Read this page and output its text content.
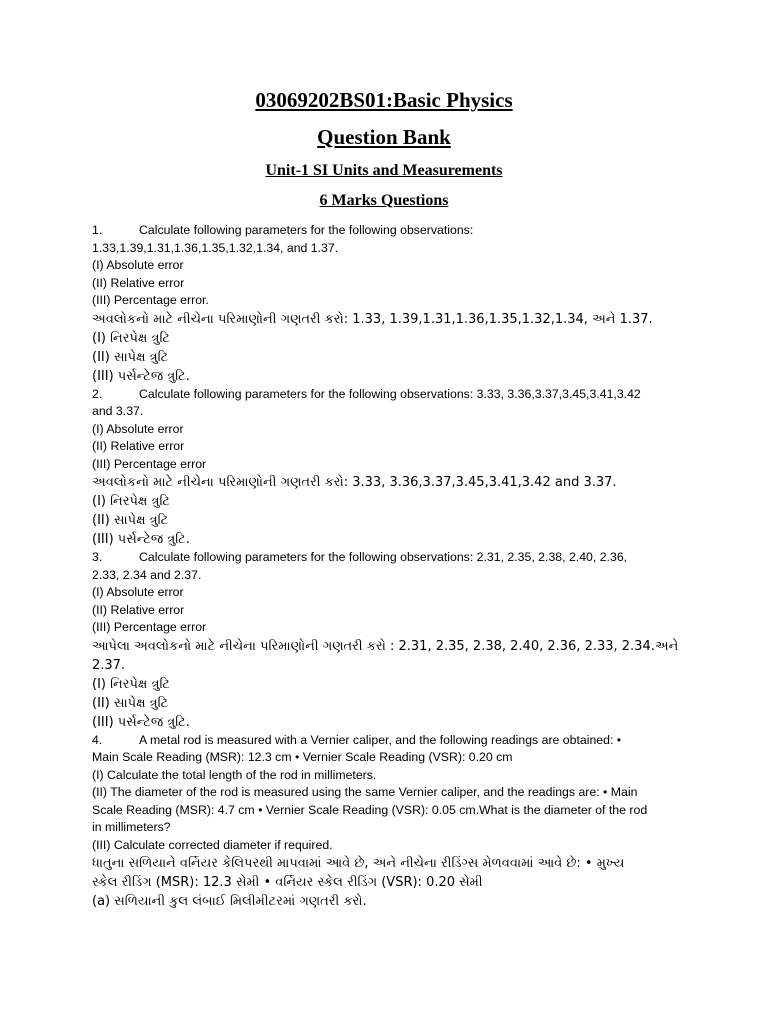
03069202BS01:Basic Physics

Question Bank

Unit-1 SI Units and Measurements

6 Marks Questions

1.	Calculate following parameters for the following observations:
1.33,1.39,1.31,1.36,1.35,1.32,1.34, and 1.37.
(I) Absolute error
(II) Relative error
(III) Percentage error.
અવલોકનો માટે નીચેના પરિમાણોની ગણતરી કરો: 1.33, 1.39,1.31,1.36,1.35,1.32,1.34, અને 1.37.
(I) નિરપેક્ષ ત્રુટિ
(II) સાપેક્ષ ત્રુટિ
(III) પર્સન્ટેજ ત્રુટિ.
2.	Calculate following parameters for the following observations: 3.33, 3.36,3.37,3.45,3.41,3.42
and 3.37.
(I) Absolute error
(II) Relative error
(III) Percentage error
અવલોકનો માટે નીચેના પરિમાણોની ગણતરી કરો: 3.33, 3.36,3.37,3.45,3.41,3.42 and 3.37.
(I) નિરપેક્ષ ત્રુટિ
(II) સાપેક્ષ ત્રુટિ
(III) પર્સન્ટેજ ત્રુટિ.
3.	Calculate following parameters for the following observations: 2.31, 2.35, 2.38, 2.40, 2.36,
2.33, 2.34 and 2.37.
(I) Absolute error
(II) Relative error
(III) Percentage error
આપેલા અવલોકનો માટે નીચેના પરિમાણોની ગણતરી કરો : 2.31, 2.35, 2.38, 2.40, 2.36, 2.33, 2.34.અને
2.37.
(I) નિરપેક્ષ ત્રુટિ
(II) સાપેક્ષ ત્રુટિ
(III) પર્સન્ટેજ ત્રુટિ.
4.	A metal rod is measured with a Vernier caliper, and the following readings are obtained: •
Main Scale Reading (MSR): 12.3 cm • Vernier Scale Reading (VSR): 0.20 cm
(I) Calculate the total length of the rod in millimeters.
(II) The diameter of the rod is measured using the same Vernier caliper, and the readings are: • Main
Scale Reading (MSR): 4.7 cm • Vernier Scale Reading (VSR): 0.05 cm.What is the diameter of the rod
in millimeters?
(III) Calculate corrected diameter if required.
ધાતુના સળિયાને વર્નિયર કેલિપરથી માપવામાં આવે છે, અને નીચેના રીડિંગ્સ મેળવવામાં આવે છે: • મુખ્ય
સ્કેલ રીડિંગ (MSR): 12.3 સેમી • વર્નિયર સ્કેલ રીડિંગ (VSR): 0.20 સેમી
(a) સળિયાની કુલ લંબાઈ મિલીમીટરમાં ગણતરી કરો.
